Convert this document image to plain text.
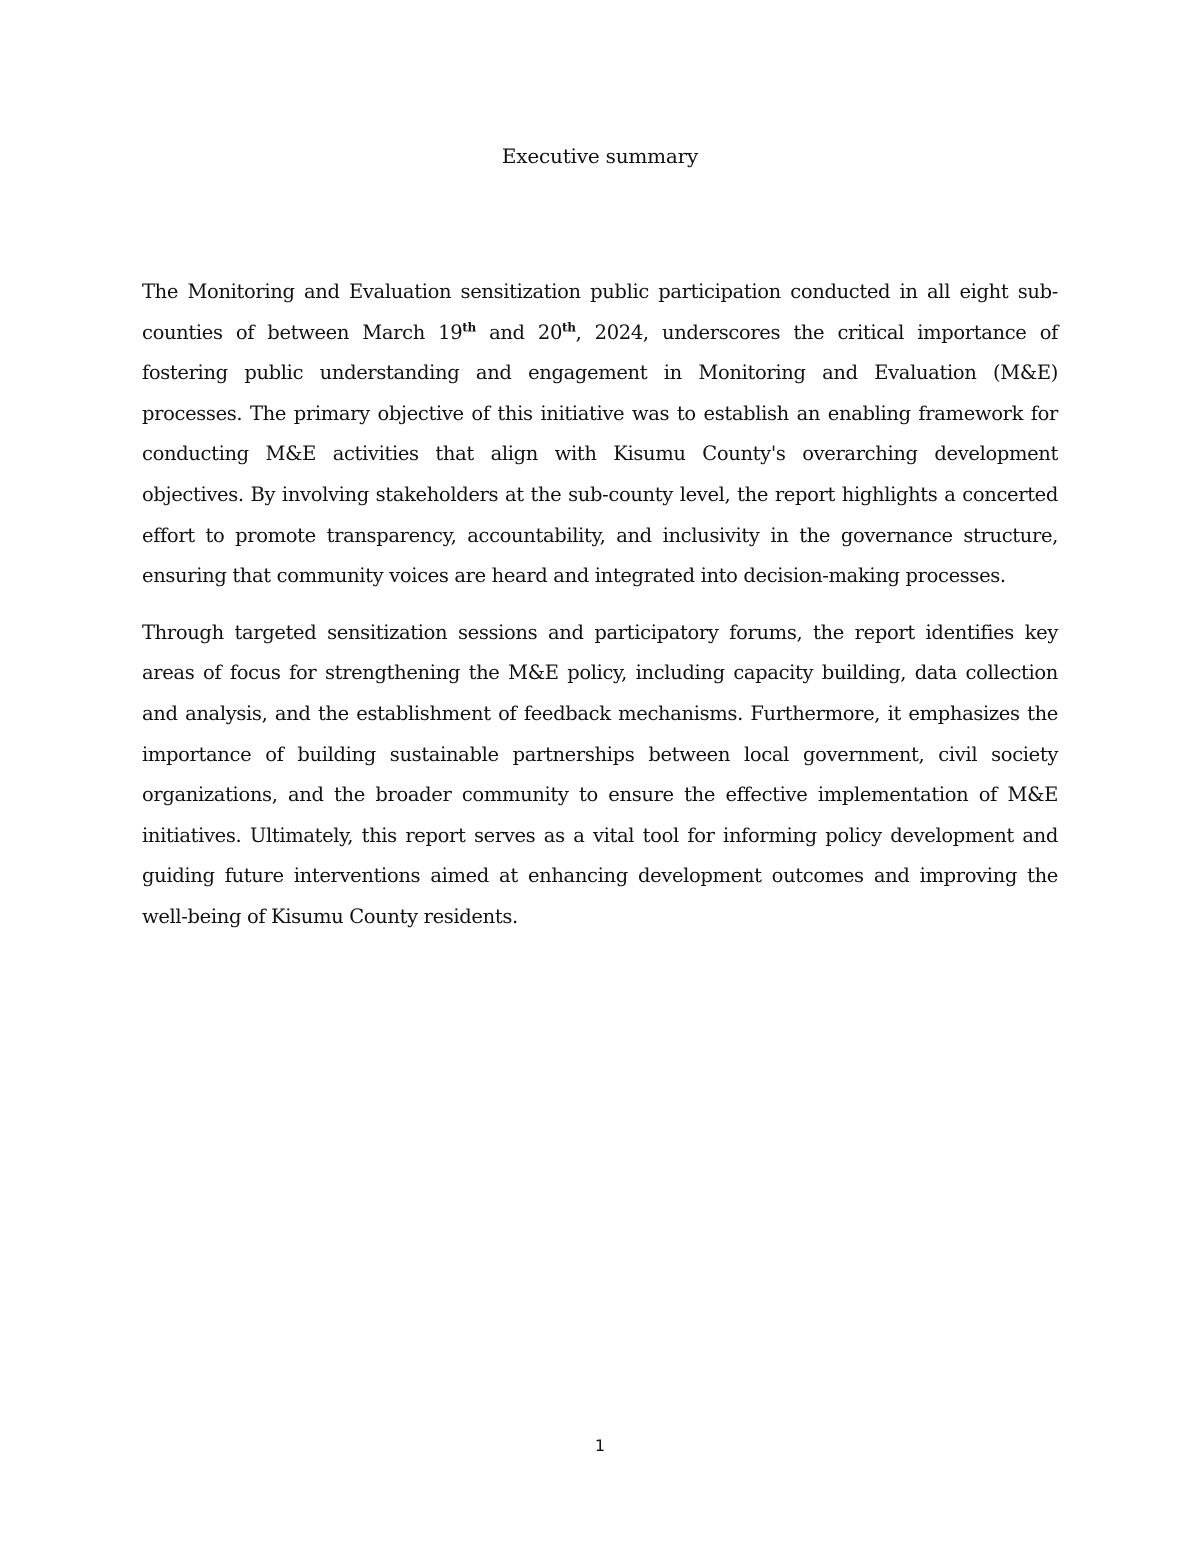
Executive summary

The Monitoring and Evaluation sensitization public participation conducted in all eight sub-counties of between March 19th and 20th, 2024, underscores the critical importance of fostering public understanding and engagement in Monitoring and Evaluation (M&E) processes. The primary objective of this initiative was to establish an enabling framework for conducting M&E activities that align with Kisumu County's overarching development objectives. By involving stakeholders at the sub-county level, the report highlights a concerted effort to promote transparency, accountability, and inclusivity in the governance structure, ensuring that community voices are heard and integrated into decision-making processes.

Through targeted sensitization sessions and participatory forums, the report identifies key areas of focus for strengthening the M&E policy, including capacity building, data collection and analysis, and the establishment of feedback mechanisms. Furthermore, it emphasizes the importance of building sustainable partnerships between local government, civil society organizations, and the broader community to ensure the effective implementation of M&E initiatives. Ultimately, this report serves as a vital tool for informing policy development and guiding future interventions aimed at enhancing development outcomes and improving the well-being of Kisumu County residents.

1
